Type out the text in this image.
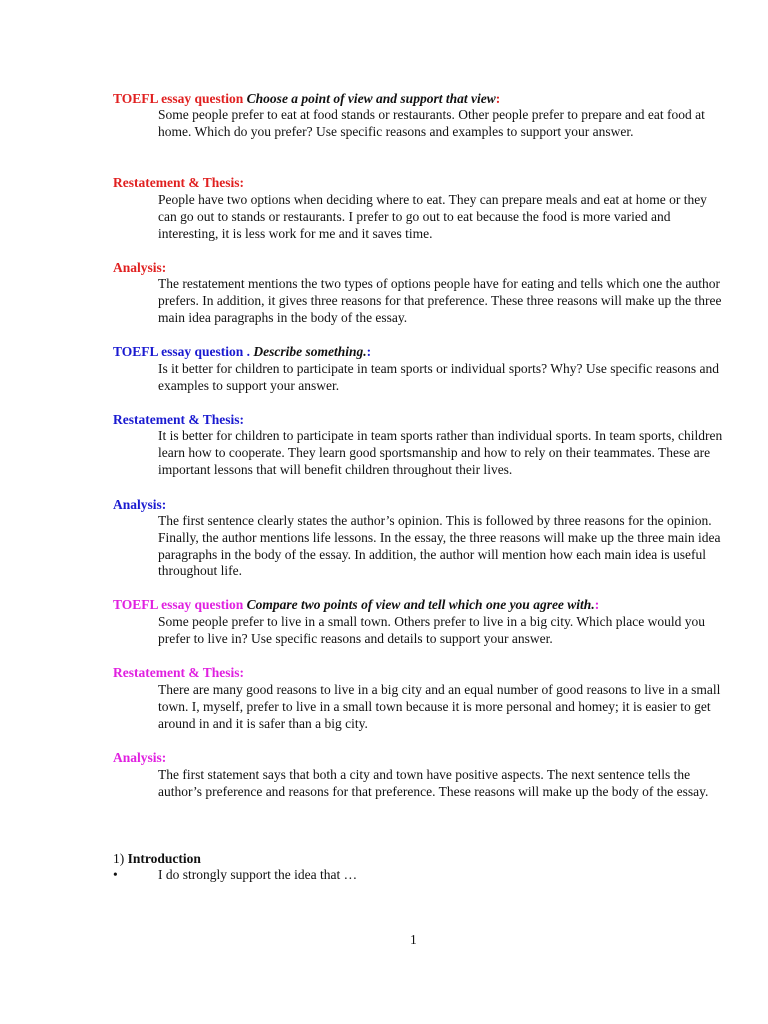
TOEFL essay question Choose a point of view and support that view:
Some people prefer to eat at food stands or restaurants. Other people prefer to prepare and eat food at home. Which do you prefer? Use specific reasons and examples to support your answer.
Restatement & Thesis:
People have two options when deciding where to eat. They can prepare meals and eat at home or they can go out to stands or restaurants. I prefer to go out to eat because the food is more varied and interesting, it is less work for me and it saves time.
Analysis:
The restatement mentions the two types of options people have for eating and tells which one the author prefers. In addition, it gives three reasons for that preference. These three reasons will make up the three main idea paragraphs in the body of the essay.
TOEFL essay question . Describe something.:
Is it better for children to participate in team sports or individual sports? Why? Use specific reasons and examples to support your answer.
Restatement & Thesis:
It is better for children to participate in team sports rather than individual sports. In team sports, children learn how to cooperate. They learn good sportsmanship and how to rely on their teammates. These are important lessons that will benefit children throughout their lives.
Analysis:
The first sentence clearly states the author’s opinion. This is followed by three reasons for the opinion. Finally, the author mentions life lessons. In the essay, the three reasons will make up the three main idea paragraphs in the body of the essay. In addition, the author will mention how each main idea is useful throughout life.
TOEFL essay question Compare two points of view and tell which one you agree with.:
Some people prefer to live in a small town. Others prefer to live in a big city. Which place would you prefer to live in? Use specific reasons and details to support your answer.
Restatement & Thesis:
There are many good reasons to live in a big city and an equal number of good reasons to live in a small town. I, myself, prefer to live in a small town because it is more personal and homey; it is easier to get around in and it is safer than a big city.
Analysis:
The first statement says that both a city and town have positive aspects. The next sentence tells the author’s preference and reasons for that preference. These reasons will make up the body of the essay.
1) Introduction
•	I do strongly support the idea that …
1
